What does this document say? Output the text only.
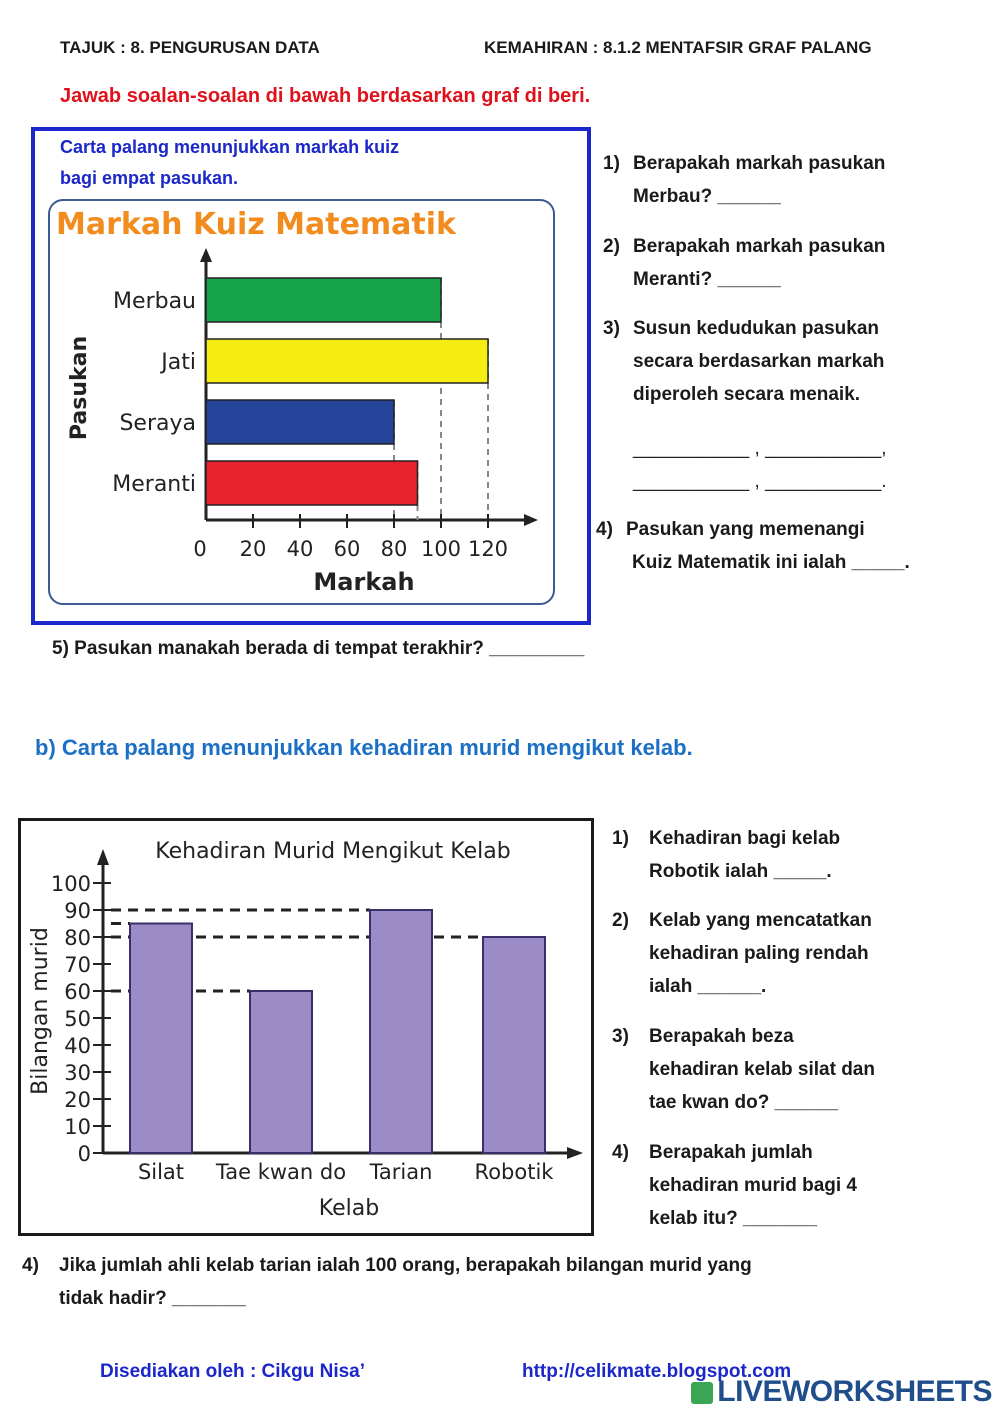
TAJUK : 8. PENGURUSAN DATA	KEMAHIRAN : 8.1.2 MENTAFSIR GRAF PALANG
Jawab soalan-soalan di bawah berdasarkan graf di beri.
Carta palang menunjukkan markah kuiz
bagi empat pasukan.
Markah Kuiz Matematik
0 20 40 60 80 100 120
Merbau
Jati
Seraya
Meranti
Markah
Pasukan
1) Berapakah markah pasukan
Merbau? ______
2) Berapakah markah pasukan
Meranti? ______
3) Susun kedudukan pasukan
secara berdasarkan markah
diperoleh secara menaik.
___________ , ___________,
___________ , ___________.
4) Pasukan yang memenangi
Kuiz Matematik ini ialah _____.
5) Pasukan manakah berada di tempat terakhir? _________
b) Carta palang menunjukkan kehadiran murid mengikut kelab.
Kehadiran Murid Mengikut Kelab
0
10
20
30
40
50
60
70
80
90
100
Silat Tae kwan do Tarian Robotik
Kelab
Bilangan murid
1) Kehadiran bagi kelab
Robotik ialah _____.
2) Kelab yang mencatatkan
kehadiran paling rendah
ialah ______.
3) Berapakah beza
kehadiran kelab silat dan
tae kwan do? ______
4) Berapakah jumlah
kehadiran murid bagi 4
kelab itu? _______
4) Jika jumlah ahli kelab tarian ialah 100 orang, berapakah bilangan murid yang
tidak hadir? _______
Disediakan oleh : Cikgu Nisa’	http://celikmate.blogspot.com
LIVEWORKSHEETS
